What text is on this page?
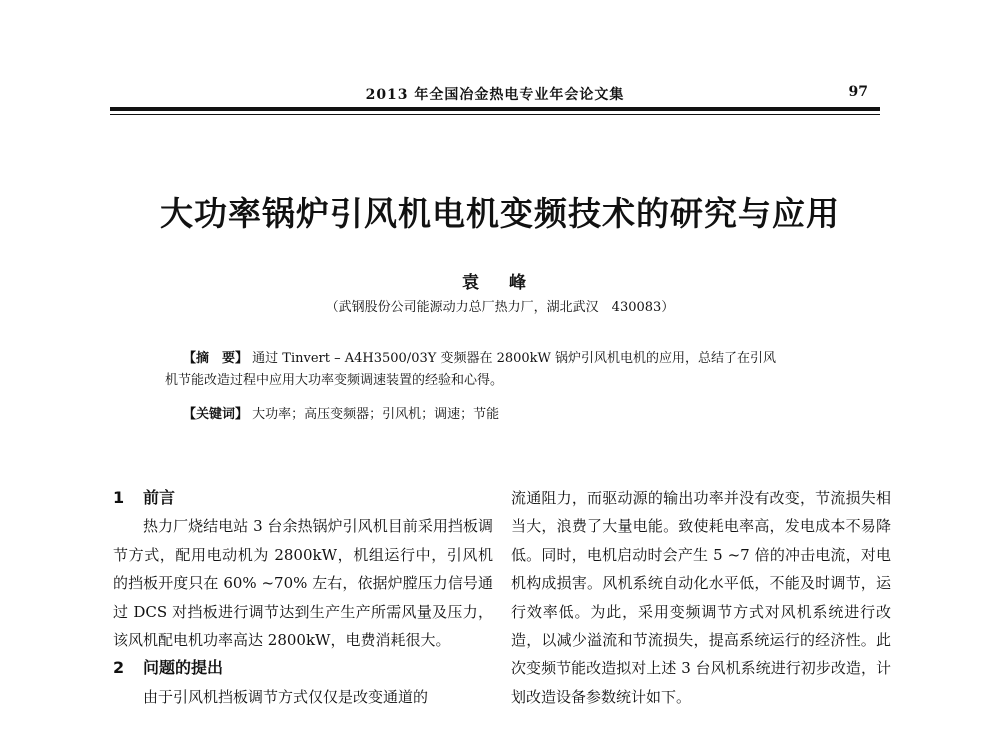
2013 年全国冶金热电专业年会论文集	97
大功率锅炉引风机电机变频技术的研究与应用
袁 峰
（武钢股份公司能源动力总厂热力厂，湖北武汉　430083）
【摘　要】 通过 Tinvert – A4H3500/03Y 变频器在 2800kW 锅炉引风机电机的应用，总结了在引风
机节能改造过程中应用大功率变频调速装置的经验和心得。
【关键词】 大功率；高压变频器；引风机；调速；节能

1 前言

热力厂烧结电站 3 台余热锅炉引风机目前采用挡板调节方式，配用电动机为 2800kW，机组运行中，引风机的挡板开度只在 60% ~70% 左右，依据炉膛压力信号通过 DCS 对挡板进行调节达到生产生产所需风量及压力，该风机配电机功率高达 2800kW，电费消耗很大。

2 问题的提出

由于引风机挡板调节方式仅仅是改变通道的

流通阻力，而驱动源的输出功率并没有改变，节流损失相当大，浪费了大量电能。致使耗电率高，发电成本不易降低。同时，电机启动时会产生 5 ~7 倍的冲击电流，对电机构成损害。风机系统自动化水平低，不能及时调节，运行效率低。为此，采用变频调节方式对风机系统进行改造，以减少溢流和节流损失，提高系统运行的经济性。此次变频节能改造拟对上述 3 台风机系统进行初步改造，计划改造设备参数统计如下。
